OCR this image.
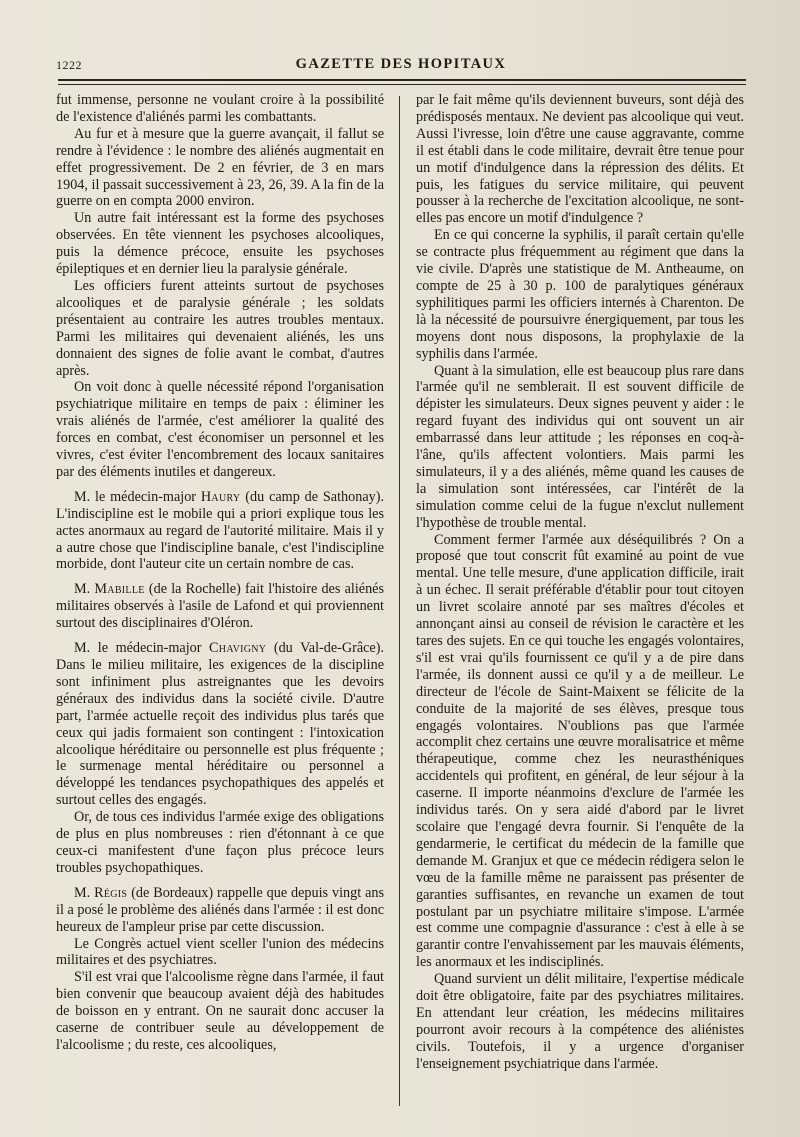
1222	GAZETTE DES HOPITAUX

fut immense, personne ne voulant croire à la possibilité de l'existence d'aliénés parmi les combattants.

Au fur et à mesure que la guerre avançait, il fallut se rendre à l'évidence : le nombre des aliénés augmentait en effet progressivement. De 2 en février, de 3 en mars 1904, il passait successivement à 23, 26, 39. A la fin de la guerre on en compta 2000 environ.

Un autre fait intéressant est la forme des psychoses observées. En tête viennent les psychoses alcooliques, puis la démence précoce, ensuite les psychoses épileptiques et en dernier lieu la paralysie générale.

Les officiers furent atteints surtout de psychoses alcooliques et de paralysie générale ; les soldats présentaient au contraire les autres troubles mentaux. Parmi les militaires qui devenaient aliénés, les uns donnaient des signes de folie avant le combat, d'autres après.

On voit donc à quelle nécessité répond l'organisation psychiatrique militaire en temps de paix : éliminer les vrais aliénés de l'armée, c'est améliorer la qualité des forces en combat, c'est économiser un personnel et les vivres, c'est éviter l'encombrement des locaux sanitaires par des éléments inutiles et dangereux.

M. le médecin-major Haury (du camp de Sathonay). L'indiscipline est le mobile qui a priori explique tous les actes anormaux au regard de l'autorité militaire. Mais il y a autre chose que l'indiscipline banale, c'est l'indiscipline morbide, dont l'auteur cite un certain nombre de cas.

M. Mabille (de la Rochelle) fait l'histoire des aliénés militaires observés à l'asile de Lafond et qui proviennent surtout des disciplinaires d'Oléron.

M. le médecin-major Chavigny (du Val-de-Grâce). Dans le milieu militaire, les exigences de la discipline sont infiniment plus astreignantes que les devoirs généraux des individus dans la société civile. D'autre part, l'armée actuelle reçoit des individus plus tarés que ceux qui jadis formaient son contingent : l'intoxication alcoolique héréditaire ou personnelle est plus fréquente ; le surmenage mental héréditaire ou personnel a développé les tendances psychopathiques des appelés et surtout celles des engagés.

Or, de tous ces individus l'armée exige des obligations de plus en plus nombreuses : rien d'étonnant à ce que ceux-ci manifestent d'une façon plus précoce leurs troubles psychopathiques.

M. Régis (de Bordeaux) rappelle que depuis vingt ans il a posé le problème des aliénés dans l'armée : il est donc heureux de l'ampleur prise par cette discussion.

Le Congrès actuel vient sceller l'union des médecins militaires et des psychiatres.

S'il est vrai que l'alcoolisme règne dans l'armée, il faut bien convenir que beaucoup avaient déjà des habitudes de boisson en y entrant. On ne saurait donc accuser la caserne de contribuer seule au développement de l'alcoolisme ; du reste, ces alcooliques,

par le fait même qu'ils deviennent buveurs, sont déjà des prédisposés mentaux. Ne devient pas alcoolique qui veut. Aussi l'ivresse, loin d'être une cause aggravante, comme il est établi dans le code militaire, devrait être tenue pour un motif d'indulgence dans la répression des délits. Et puis, les fatigues du service militaire, qui peuvent pousser à la recherche de l'excitation alcoolique, ne sont-elles pas encore un motif d'indulgence ?

En ce qui concerne la syphilis, il paraît certain qu'elle se contracte plus fréquemment au régiment que dans la vie civile. D'après une statistique de M. Antheaume, on compte de 25 à 30 p. 100 de paralytiques généraux syphilitiques parmi les officiers internés à Charenton. De là la nécessité de poursuivre énergiquement, par tous les moyens dont nous disposons, la prophylaxie de la syphilis dans l'armée.

Quant à la simulation, elle est beaucoup plus rare dans l'armée qu'il ne semblerait. Il est souvent difficile de dépister les simulateurs. Deux signes peuvent y aider : le regard fuyant des individus qui ont souvent un air embarrassé dans leur attitude ; les réponses en coq-à-l'âne, qu'ils affectent volontiers. Mais parmi les simulateurs, il y a des aliénés, même quand les causes de la simulation sont intéressées, car l'intérêt de la simulation comme celui de la fugue n'exclut nullement l'hypothèse de trouble mental.

Comment fermer l'armée aux déséquilibrés ? On a proposé que tout conscrit fût examiné au point de vue mental. Une telle mesure, d'une application difficile, irait à un échec. Il serait préférable d'établir pour tout citoyen un livret scolaire annoté par ses maîtres d'écoles et annonçant ainsi au conseil de révision le caractère et les tares des sujets. En ce qui touche les engagés volontaires, s'il est vrai qu'ils fournissent ce qu'il y a de pire dans l'armée, ils donnent aussi ce qu'il y a de meilleur. Le directeur de l'école de Saint-Maixent se félicite de la conduite de la majorité de ses élèves, presque tous engagés volontaires. N'oublions pas que l'armée accomplit chez certains une œuvre moralisatrice et même thérapeutique, comme chez les neurasthéniques accidentels qui profitent, en général, de leur séjour à la caserne. Il importe néanmoins d'exclure de l'armée les individus tarés. On y sera aidé d'abord par le livret scolaire que l'engagé devra fournir. Si l'enquête de la gendarmerie, le certificat du médecin de la famille que demande M. Granjux et que ce médecin rédigera selon le vœu de la famille même ne paraissent pas présenter de garanties suffisantes, en revanche un examen de tout postulant par un psychiatre militaire s'impose. L'armée est comme une compagnie d'assurance : c'est à elle à se garantir contre l'envahissement par les mauvais éléments, les anormaux et les indisciplinés.

Quand survient un délit militaire, l'expertise médicale doit être obligatoire, faite par des psychiatres militaires. En attendant leur création, les médecins militaires pourront avoir recours à la compétence des aliénistes civils. Toutefois, il y a urgence d'organiser l'enseignement psychiatrique dans l'armée.
